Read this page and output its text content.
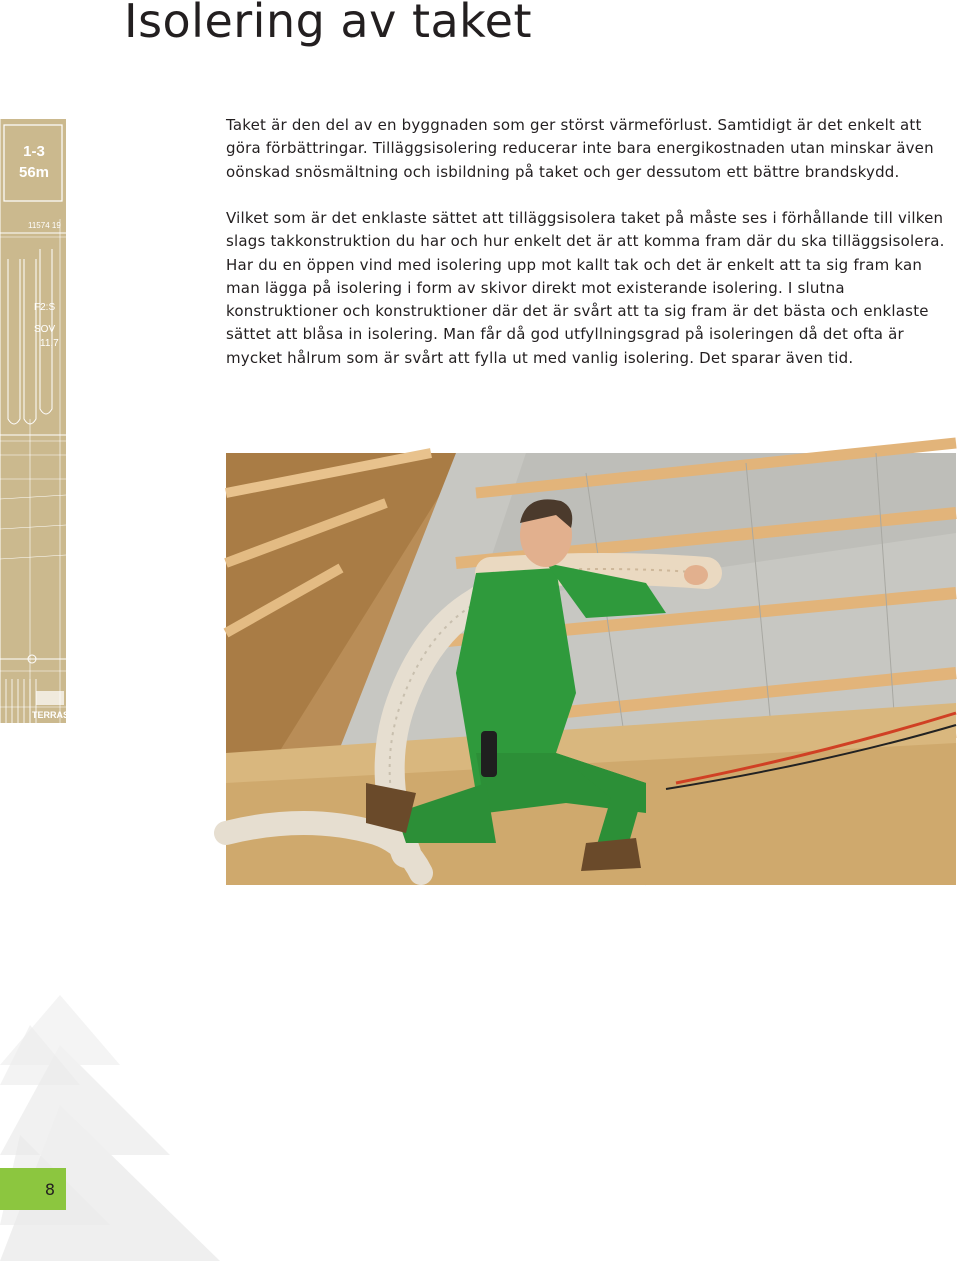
Isolering av taket
1-3
56m
11574 19
F2:S
SOV
11,7
TERRASS

Taket är den del av en byggnaden som ger störst värmeförlust. Samtidigt är det enkelt att göra förbättringar. Tilläggsisolering reducerar inte bara energikostnaden utan minskar även oönskad snösmältning och isbildning på taket och ger dessutom ett bättre brandskydd.

Vilket som är det enklaste sättet att tilläggsisolera taket på måste ses i förhållande till vilken slags takkonstruktion du har och hur enkelt det är att komma fram där du ska tilläggsisolera. Har du en öppen vind med isolering upp mot kallt tak och det är enkelt att ta sig fram kan man lägga på isolering i form av skivor direkt mot existerande isolering. I slutna konstruktioner och konstruktioner där det är svårt att ta sig fram är det bästa och enklaste sättet att blåsa in isolering. Man får då god utfyllningsgrad på isoleringen då det ofta är mycket hålrum som är svårt att fylla ut med vanlig isolering. Det sparar även tid.

8
